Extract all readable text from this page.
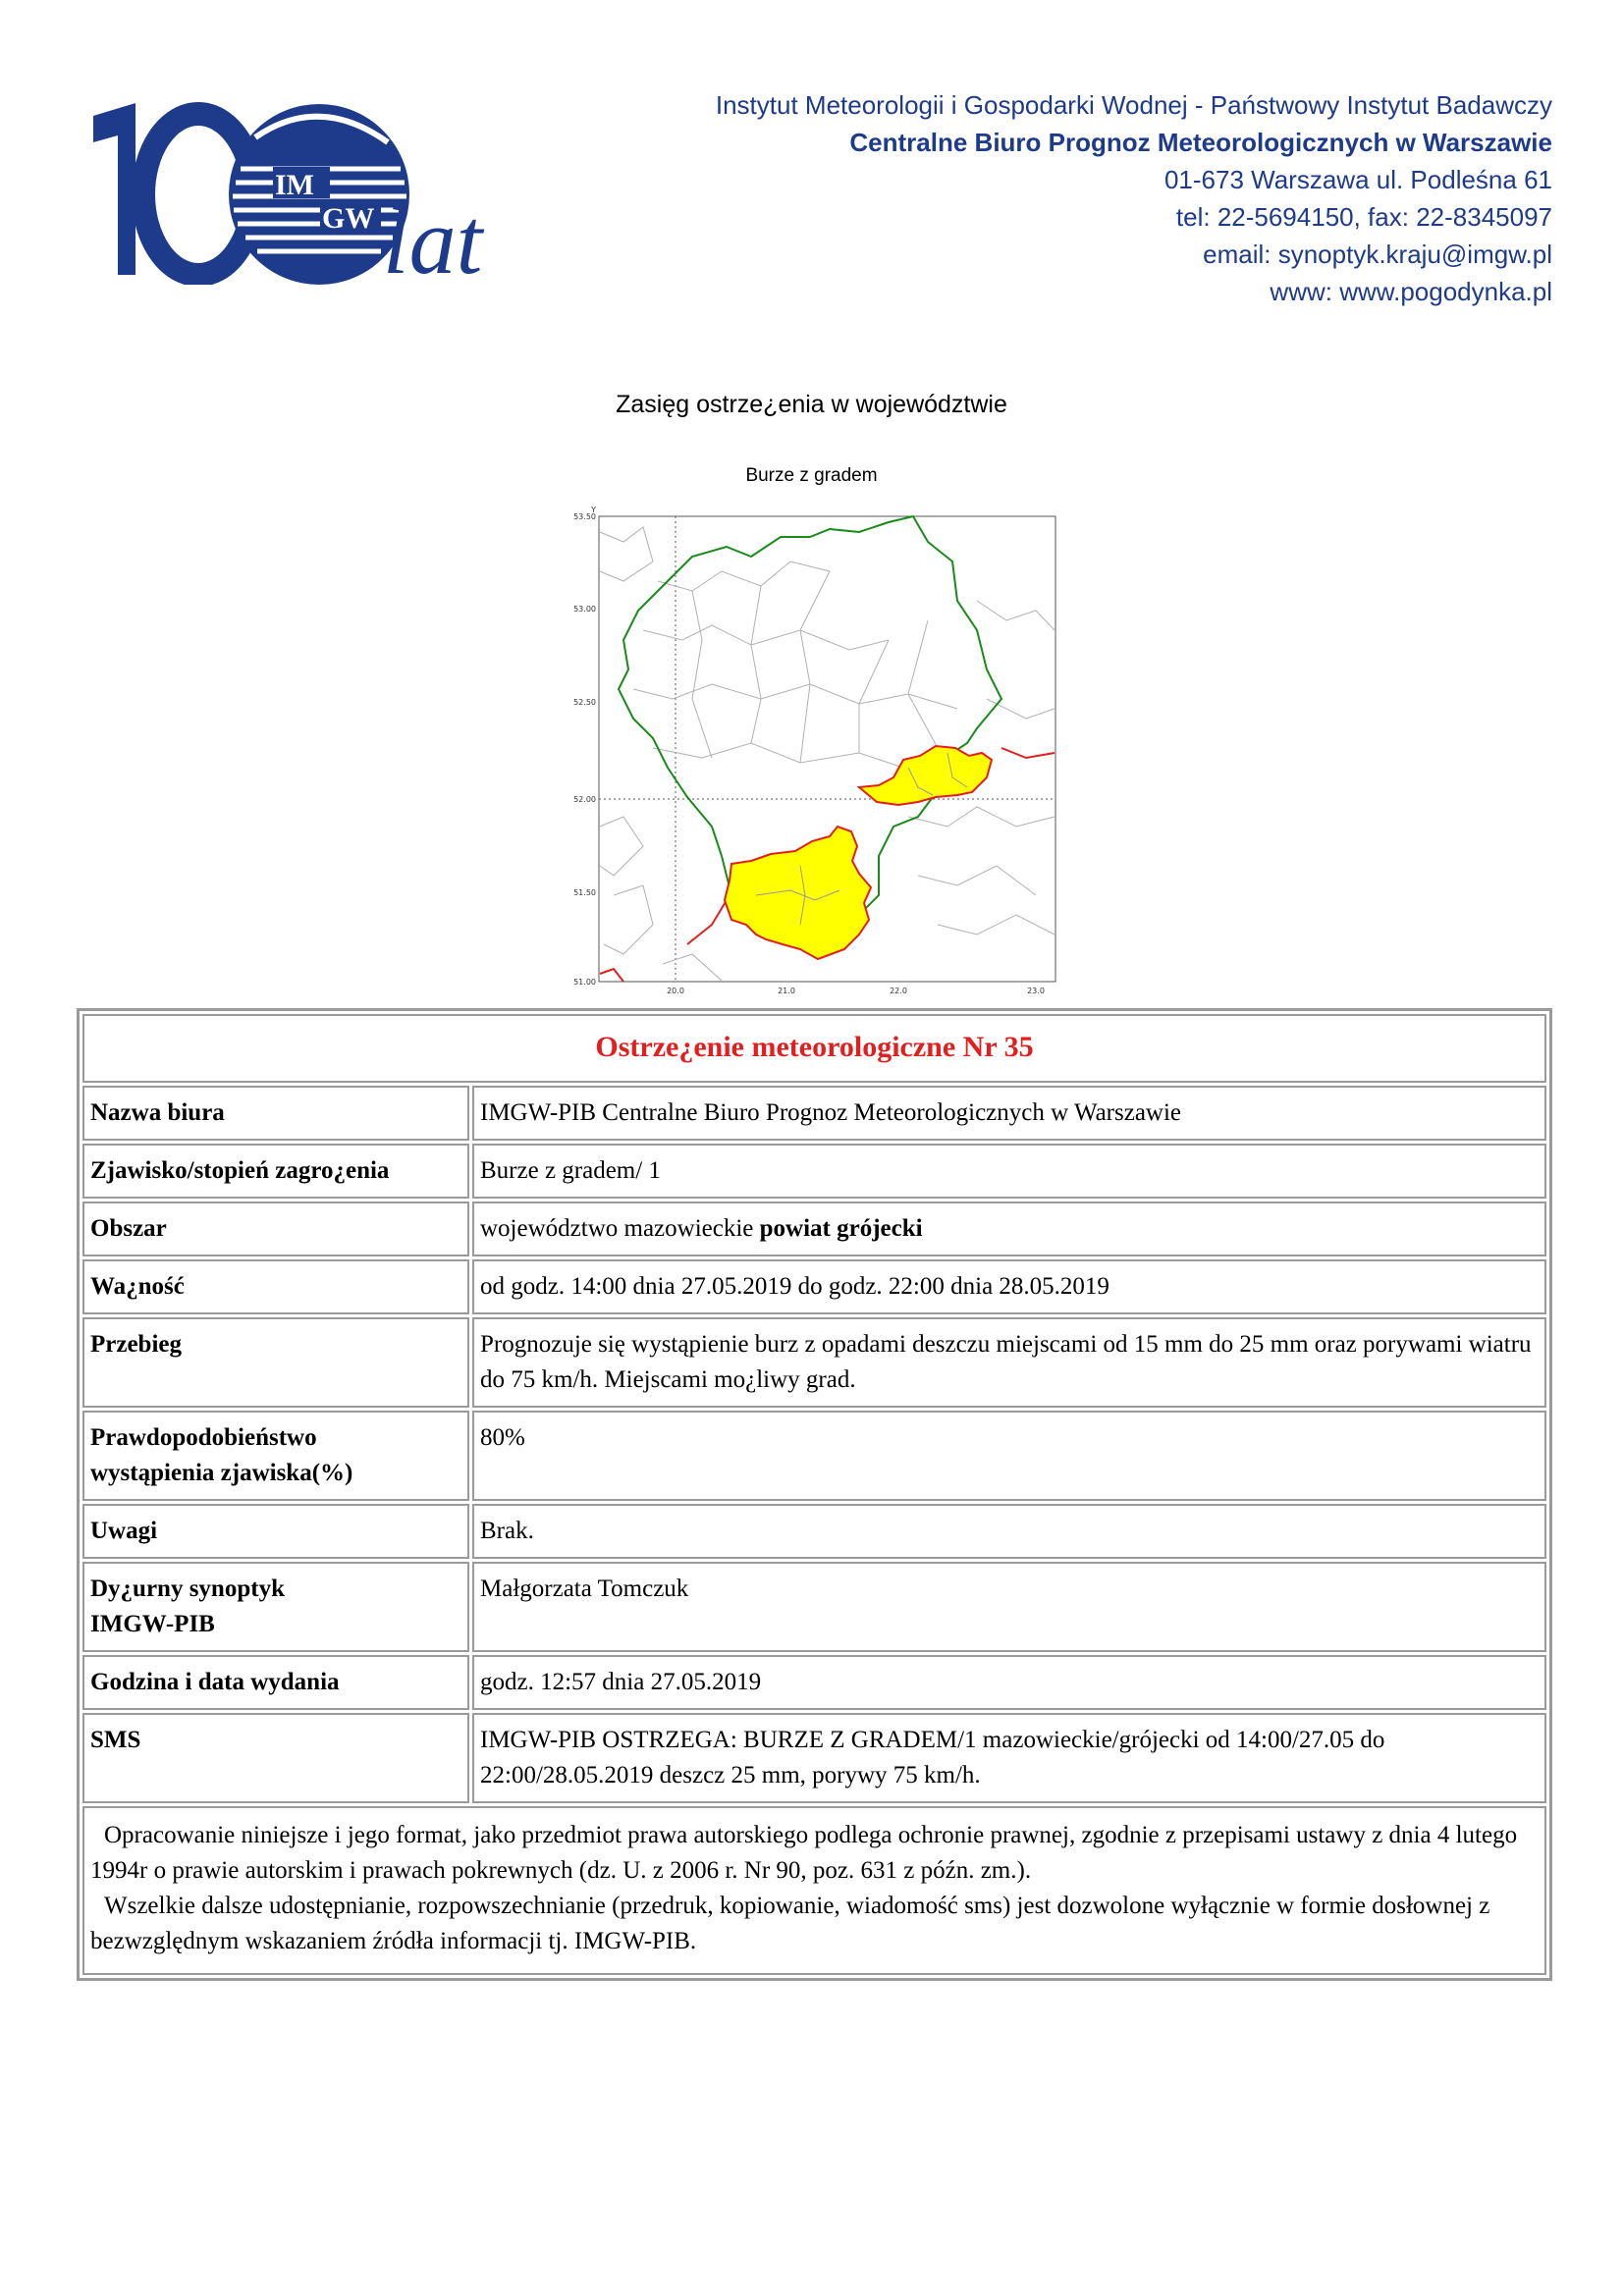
IM
GW lat
Instytut Meteorologii i Gospodarki Wodnej - Państwowy Instytut Badawczy
Centralne Biuro Prognoz Meteorologicznych w Warszawie
01-673 Warszawa ul. Podleśna 61
tel: 22-5694150, fax: 22-8345097
email: synoptyk.kraju@imgw.pl
www: www.pogodynka.pl
Zasięg ostrze¿enia w województwie
Burze z gradem
Y
53.50
53.00
52.50
52.00
51.50
51.00
20.0	21.0	22.0	23.0
Ostrze¿enie meteorologiczne Nr 35	
Nazwa biura	IMGW-PIB Centralne Biuro Prognoz Meteorologicznych w Warszawie
Zjawisko/stopień zagro¿enia	Burze z gradem/ 1
Obszar	województwo mazowieckie powiat grójecki
Wa¿ność	od godz. 14:00 dnia 27.05.2019 do godz. 22:00 dnia 28.05.2019
Przebieg	Prognozuje się wystąpienie burz z opadami deszczu miejscami od 15 mm do 25 mm oraz porywami wiatru do 75 km/h. Miejscami mo¿liwy grad.
Prawdopodobieństwo
wystąpienia zjawiska(%)	80%
Uwagi	Brak.
Dy¿urny synoptyk
IMGW-PIB	Małgorzata Tomczuk
Godzina i data wydania	godz. 12:57 dnia 27.05.2019
SMS	IMGW-PIB OSTRZEGA: BURZE Z GRADEM/1 mazowieckie/grójecki od 14:00/27.05 do 22:00/28.05.2019 deszcz 25 mm, porywy 75 km/h.

Opracowanie niniejsze i jego format, jako przedmiot prawa autorskiego podlega ochronie prawnej, zgodnie z przepisami ustawy z dnia 4 lutego 1994r o prawie autorskim i prawach pokrewnych (dz. U. z 2006 r. Nr 90, poz. 631 z późn. zm.).

Wszelkie dalsze udostępnianie, rozpowszechnianie (przedruk, kopiowanie, wiadomość sms) jest dozwolone wyłącznie w formie dosłownej z bezwzględnym wskazaniem źródła informacji tj. IMGW-PIB.	
